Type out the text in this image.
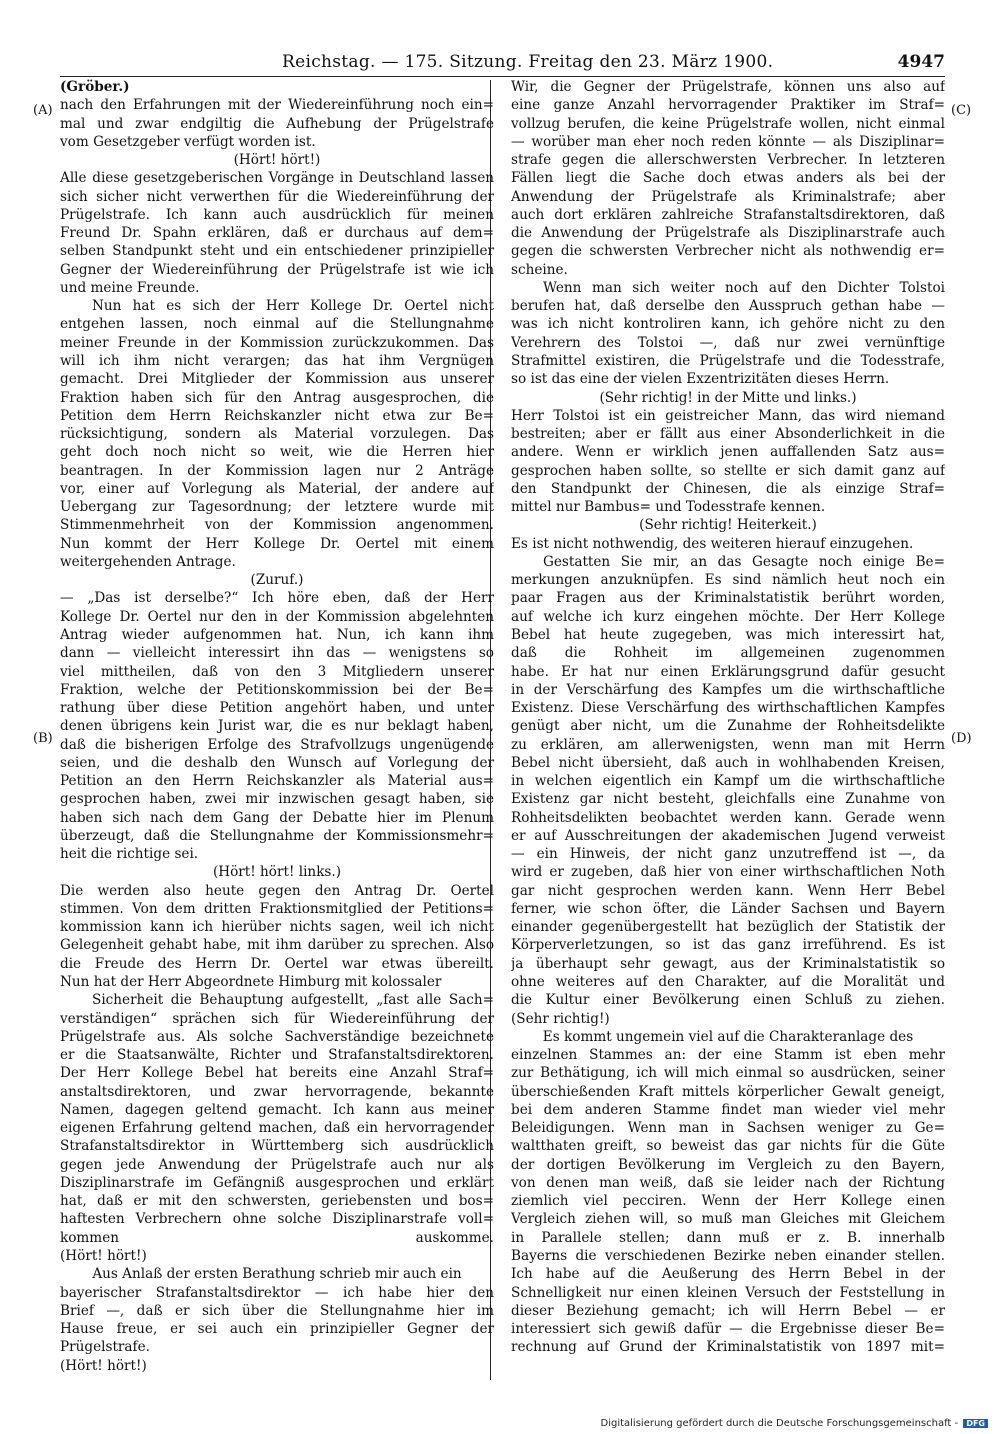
Reichstag. — 175. Sitzung. Freitag den 23. März 1900.	4947
(A)
(B)
(C)
(D)
(Gröber.)
nach den Erfahrungen mit der Wiedereinführung noch ein=
mal und zwar endgiltig die Aufhebung der Prügelstrafe
vom Gesetzgeber verfügt worden ist.
(Hört! hört!)
Alle diese gesetzgeberischen Vorgänge in Deutschland lassen
sich sicher nicht verwerthen für die Wiedereinführung der
Prügelstrafe. Ich kann auch ausdrücklich für meinen
Freund Dr. Spahn erklären, daß er durchaus auf dem=
selben Standpunkt steht und ein entschiedener prinzipieller
Gegner der Wiedereinführung der Prügelstrafe ist wie ich
und meine Freunde.
Nun hat es sich der Herr Kollege Dr. Oertel nicht
entgehen lassen, noch einmal auf die Stellungnahme
meiner Freunde in der Kommission zurückzukommen. Das
will ich ihm nicht verargen; das hat ihm Vergnügen
gemacht. Drei Mitglieder der Kommission aus unserer
Fraktion haben sich für den Antrag ausgesprochen, die
Petition dem Herrn Reichskanzler nicht etwa zur Be=
rücksichtigung, sondern als Material vorzulegen. Das
geht doch noch nicht so weit, wie die Herren hier
beantragen. In der Kommission lagen nur 2 Anträge
vor, einer auf Vorlegung als Material, der andere auf
Uebergang zur Tagesordnung; der letztere wurde mit
Stimmenmehrheit von der Kommission angenommen.
Nun kommt der Herr Kollege Dr. Oertel mit einem
weitergehenden Antrage.
(Zuruf.)
— „Das ist derselbe?“ Ich höre eben, daß der Herr
Kollege Dr. Oertel nur den in der Kommission abgelehnten
Antrag wieder aufgenommen hat. Nun, ich kann ihm
dann — vielleicht interessirt ihn das — wenigstens so
viel mittheilen, daß von den 3 Mitgliedern unserer
Fraktion, welche der Petitionskommission bei der Be=
rathung über diese Petition angehört haben, und unter
denen übrigens kein Jurist war, die es nur beklagt haben,
daß die bisherigen Erfolge des Strafvollzugs ungenügende
seien, und die deshalb den Wunsch auf Vorlegung der
Petition an den Herrn Reichskanzler als Material aus=
gesprochen haben, zwei mir inzwischen gesagt haben, sie
haben sich nach dem Gang der Debatte hier im Plenum
überzeugt, daß die Stellungnahme der Kommissionsmehr=
heit die richtige sei.
(Hört! hört! links.)
Die werden also heute gegen den Antrag Dr. Oertel
stimmen. Von dem dritten Fraktionsmitglied der Petitions=
kommission kann ich hierüber nichts sagen, weil ich nicht
Gelegenheit gehabt habe, mit ihm darüber zu sprechen. Also
die Freude des Herrn Dr. Oertel war etwas übereilt.
Nun hat der Herr Abgeordnete Himburg mit kolossaler
Sicherheit die Behauptung aufgestellt, „fast alle Sach=
verständigen“ sprächen sich für Wiedereinführung der
Prügelstrafe aus. Als solche Sachverständige bezeichnete
er die Staatsanwälte, Richter und Strafanstaltsdirektoren.
Der Herr Kollege Bebel hat bereits eine Anzahl Straf=
anstaltsdirektoren, und zwar hervorragende, bekannte
Namen, dagegen geltend gemacht. Ich kann aus meiner
eigenen Erfahrung geltend machen, daß ein hervorragender
Strafanstaltsdirektor in Württemberg sich ausdrücklich
gegen jede Anwendung der Prügelstrafe auch nur als
Disziplinarstrafe im Gefängniß ausgesprochen und erklärt
hat, daß er mit den schwersten, geriebensten und bos=
haftesten Verbrechern ohne solche Disziplinarstrafe voll=
kommen auskomme.
(Hört! hört!)
Aus Anlaß der ersten Berathung schrieb mir auch ein
bayerischer Strafanstaltsdirektor — ich habe hier den
Brief —, daß er sich über die Stellungnahme hier im
Hause freue, er sei auch ein prinzipieller Gegner der
Prügelstrafe.
(Hört! hört!)
Wir, die Gegner der Prügelstrafe, können uns also auf
eine ganze Anzahl hervorragender Praktiker im Straf=
vollzug berufen, die keine Prügelstrafe wollen, nicht einmal
— worüber man eher noch reden könnte — als Disziplinar=
strafe gegen die allerschwersten Verbrecher. In letzteren
Fällen liegt die Sache doch etwas anders als bei der
Anwendung der Prügelstrafe als Kriminalstrafe; aber
auch dort erklären zahlreiche Strafanstaltsdirektoren, daß
die Anwendung der Prügelstrafe als Disziplinarstrafe auch
gegen die schwersten Verbrecher nicht als nothwendig er=
scheine.
Wenn man sich weiter noch auf den Dichter Tolstoi
berufen hat, daß derselbe den Ausspruch gethan habe —
was ich nicht kontroliren kann, ich gehöre nicht zu den
Verehrern des Tolstoi —, daß nur zwei vernünftige
Strafmittel existiren, die Prügelstrafe und die Todesstrafe,
so ist das eine der vielen Exzentrizitäten dieses Herrn.
(Sehr richtig! in der Mitte und links.)
Herr Tolstoi ist ein geistreicher Mann, das wird niemand
bestreiten; aber er fällt aus einer Absonderlichkeit in die
andere. Wenn er wirklich jenen auffallenden Satz aus=
gesprochen haben sollte, so stellte er sich damit ganz auf
den Standpunkt der Chinesen, die als einzige Straf=
mittel nur Bambus= und Todesstrafe kennen.
(Sehr richtig! Heiterkeit.)
Es ist nicht nothwendig, des weiteren hierauf einzugehen.
Gestatten Sie mir, an das Gesagte noch einige Be=
merkungen anzuknüpfen. Es sind nämlich heut noch ein
paar Fragen aus der Kriminalstatistik berührt worden,
auf welche ich kurz eingehen möchte. Der Herr Kollege
Bebel hat heute zugegeben, was mich interessirt hat,
daß die Rohheit im allgemeinen zugenommen
habe. Er hat nur einen Erklärungsgrund dafür gesucht
in der Verschärfung des Kampfes um die wirthschaftliche
Existenz. Diese Verschärfung des wirthschaftlichen Kampfes
genügt aber nicht, um die Zunahme der Rohheitsdelikte
zu erklären, am allerwenigsten, wenn man mit Herrn
Bebel nicht übersieht, daß auch in wohlhabenden Kreisen,
in welchen eigentlich ein Kampf um die wirthschaftliche
Existenz gar nicht besteht, gleichfalls eine Zunahme von
Rohheitsdelikten beobachtet werden kann. Gerade wenn
er auf Ausschreitungen der akademischen Jugend verweist
— ein Hinweis, der nicht ganz unzutreffend ist —, da
wird er zugeben, daß hier von einer wirthschaftlichen Noth
gar nicht gesprochen werden kann. Wenn Herr Bebel
ferner, wie schon öfter, die Länder Sachsen und Bayern
einander gegenübergestellt hat bezüglich der Statistik der
Körperverletzungen, so ist das ganz irreführend. Es ist
ja überhaupt sehr gewagt, aus der Kriminalstatistik so
ohne weiteres auf den Charakter, auf die Moralität und
die Kultur einer Bevölkerung einen Schluß zu ziehen.
(Sehr richtig!)
Es kommt ungemein viel auf die Charakteranlage des
einzelnen Stammes an: der eine Stamm ist eben mehr
zur Bethätigung, ich will mich einmal so ausdrücken, seiner
überschießenden Kraft mittels körperlicher Gewalt geneigt,
bei dem anderen Stamme findet man wieder viel mehr
Beleidigungen. Wenn man in Sachsen weniger zu Ge=
waltthaten greift, so beweist das gar nichts für die Güte
der dortigen Bevölkerung im Vergleich zu den Bayern,
von denen man weiß, daß sie leider nach der Richtung
ziemlich viel pecciren. Wenn der Herr Kollege einen
Vergleich ziehen will, so muß man Gleiches mit Gleichem
in Parallele stellen; dann muß er z. B. innerhalb
Bayerns die verschiedenen Bezirke neben einander stellen.
Ich habe auf die Aeußerung des Herrn Bebel in der
Schnelligkeit nur einen kleinen Versuch der Feststellung in
dieser Beziehung gemacht; ich will Herrn Bebel — er
interessiert sich gewiß dafür — die Ergebnisse dieser Be=
rechnung auf Grund der Kriminalstatistik von 1897 mit=
Digitalisierung gefördert durch die Deutsche Forschungsgemeinschaft - DFG
